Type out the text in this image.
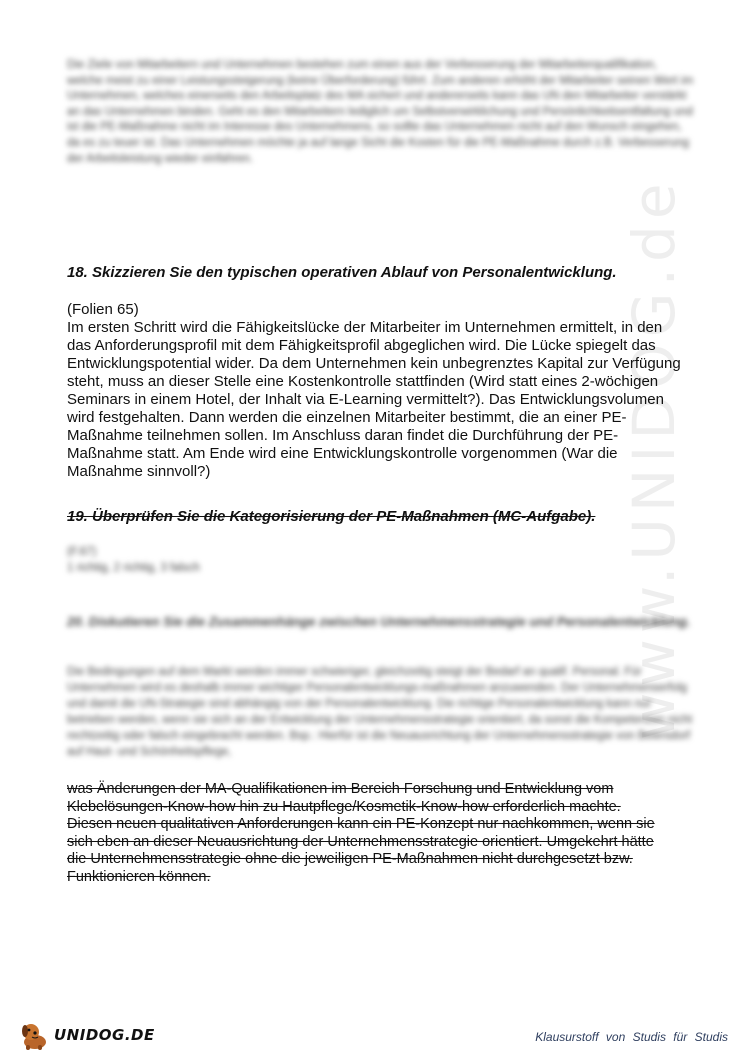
www.UNIDOG.de
Die Ziele von Mitarbeitern und Unternehmen bestehen zum einen aus der Verbesserung der Mitarbeiterqualifikation, welche meist zu einer Leistungssteigerung (keine Überforderung) führt. Zum anderen erhöht der Mitarbeiter seinen Wert im Unternehmen, welches einerseits den Arbeitsplatz des MA sichert und andererseits kann das UN den Mitarbeiter verstärkt an das Unternehmen binden. Geht es den Mitarbeitern lediglich um Selbstverwirklichung und Persönlichkeitsentfaltung und ist die PE-Maßnahme nicht im Interesse des Unternehmens, so sollte das Unternehmen nicht auf den Wunsch eingehen, da es zu teuer ist. Das Unternehmen möchte ja auf lange Sicht die Kosten für die PE-Maßnahme durch z.B. Verbesserung der Arbeitsleistung wieder einfahren.
18. Skizzieren Sie den typischen operativen Ablauf von Personalentwicklung.
(Folien 65)
Im ersten Schritt wird die Fähigkeitslücke der Mitarbeiter im Unternehmen ermittelt, in den
das Anforderungsprofil mit dem Fähigkeitsprofil abgeglichen wird. Die Lücke spiegelt das
Entwicklungspotential wider. Da dem Unternehmen kein unbegrenztes Kapital zur Verfügung
steht, muss an dieser Stelle eine Kostenkontrolle stattfinden (Wird statt eines 2-wöchigen
Seminars in einem Hotel, der Inhalt via E-Learning vermittelt?). Das Entwicklungsvolumen
wird festgehalten. Dann werden die einzelnen Mitarbeiter bestimmt, die an einer PE-
Maßnahme teilnehmen sollen. Im Anschluss daran findet die Durchführung der PE-
Maßnahme statt. Am Ende wird eine Entwicklungskontrolle vorgenommen (War die
Maßnahme sinnvoll?)
19. Überprüfen Sie die Kategorisierung der PE-Maßnahmen (MC-Aufgabe).
(F.67)
1 richtig, 2 richtig, 3 falsch
20. Diskutieren Sie die Zusammenhänge zwischen Unternehmensstrategie und Personalentwicklung.
Die Bedingungen auf dem Markt werden immer schwieriger, gleichzeitig steigt der Bedarf an qualif. Personal. Für Unternehmen wird es deshalb immer wichtiger Personalentwicklungs-maßnahmen anzuwenden. Der Unternehmenserfolg und damit die UN-Strategie sind abhängig von der Personalentwicklung. Die richtige Personalentwicklung kann nur betrieben werden, wenn sie sich an der Entwicklung der Unternehmensstrategie orientiert, da sonst die Kompetenzen nicht rechtzeitig oder falsch eingebracht werden. Bsp.: Hierfür ist die Neuausrichtung der Unternehmensstrategie von Beiersdorf auf Haut- und Schönheitspflege,
was Änderungen der MA-Qualifikationen im Bereich Forschung und Entwicklung vom
Klebelösungen-Know-how hin zu Hautpflege/Kosmetik-Know-how erforderlich machte.
Diesen neuen qualitativen Anforderungen kann ein PE-Konzept nur nachkommen, wenn sie
sich eben an dieser Neuausrichtung der Unternehmensstrategie orientiert. Umgekehrt hätte
die Unternehmensstrategie ohne die jeweiligen PE-Maßnahmen nicht durchgesetzt bzw.
Funktionieren können.
UNIDOG.DE	Klausurstoff von Studis für Studis
